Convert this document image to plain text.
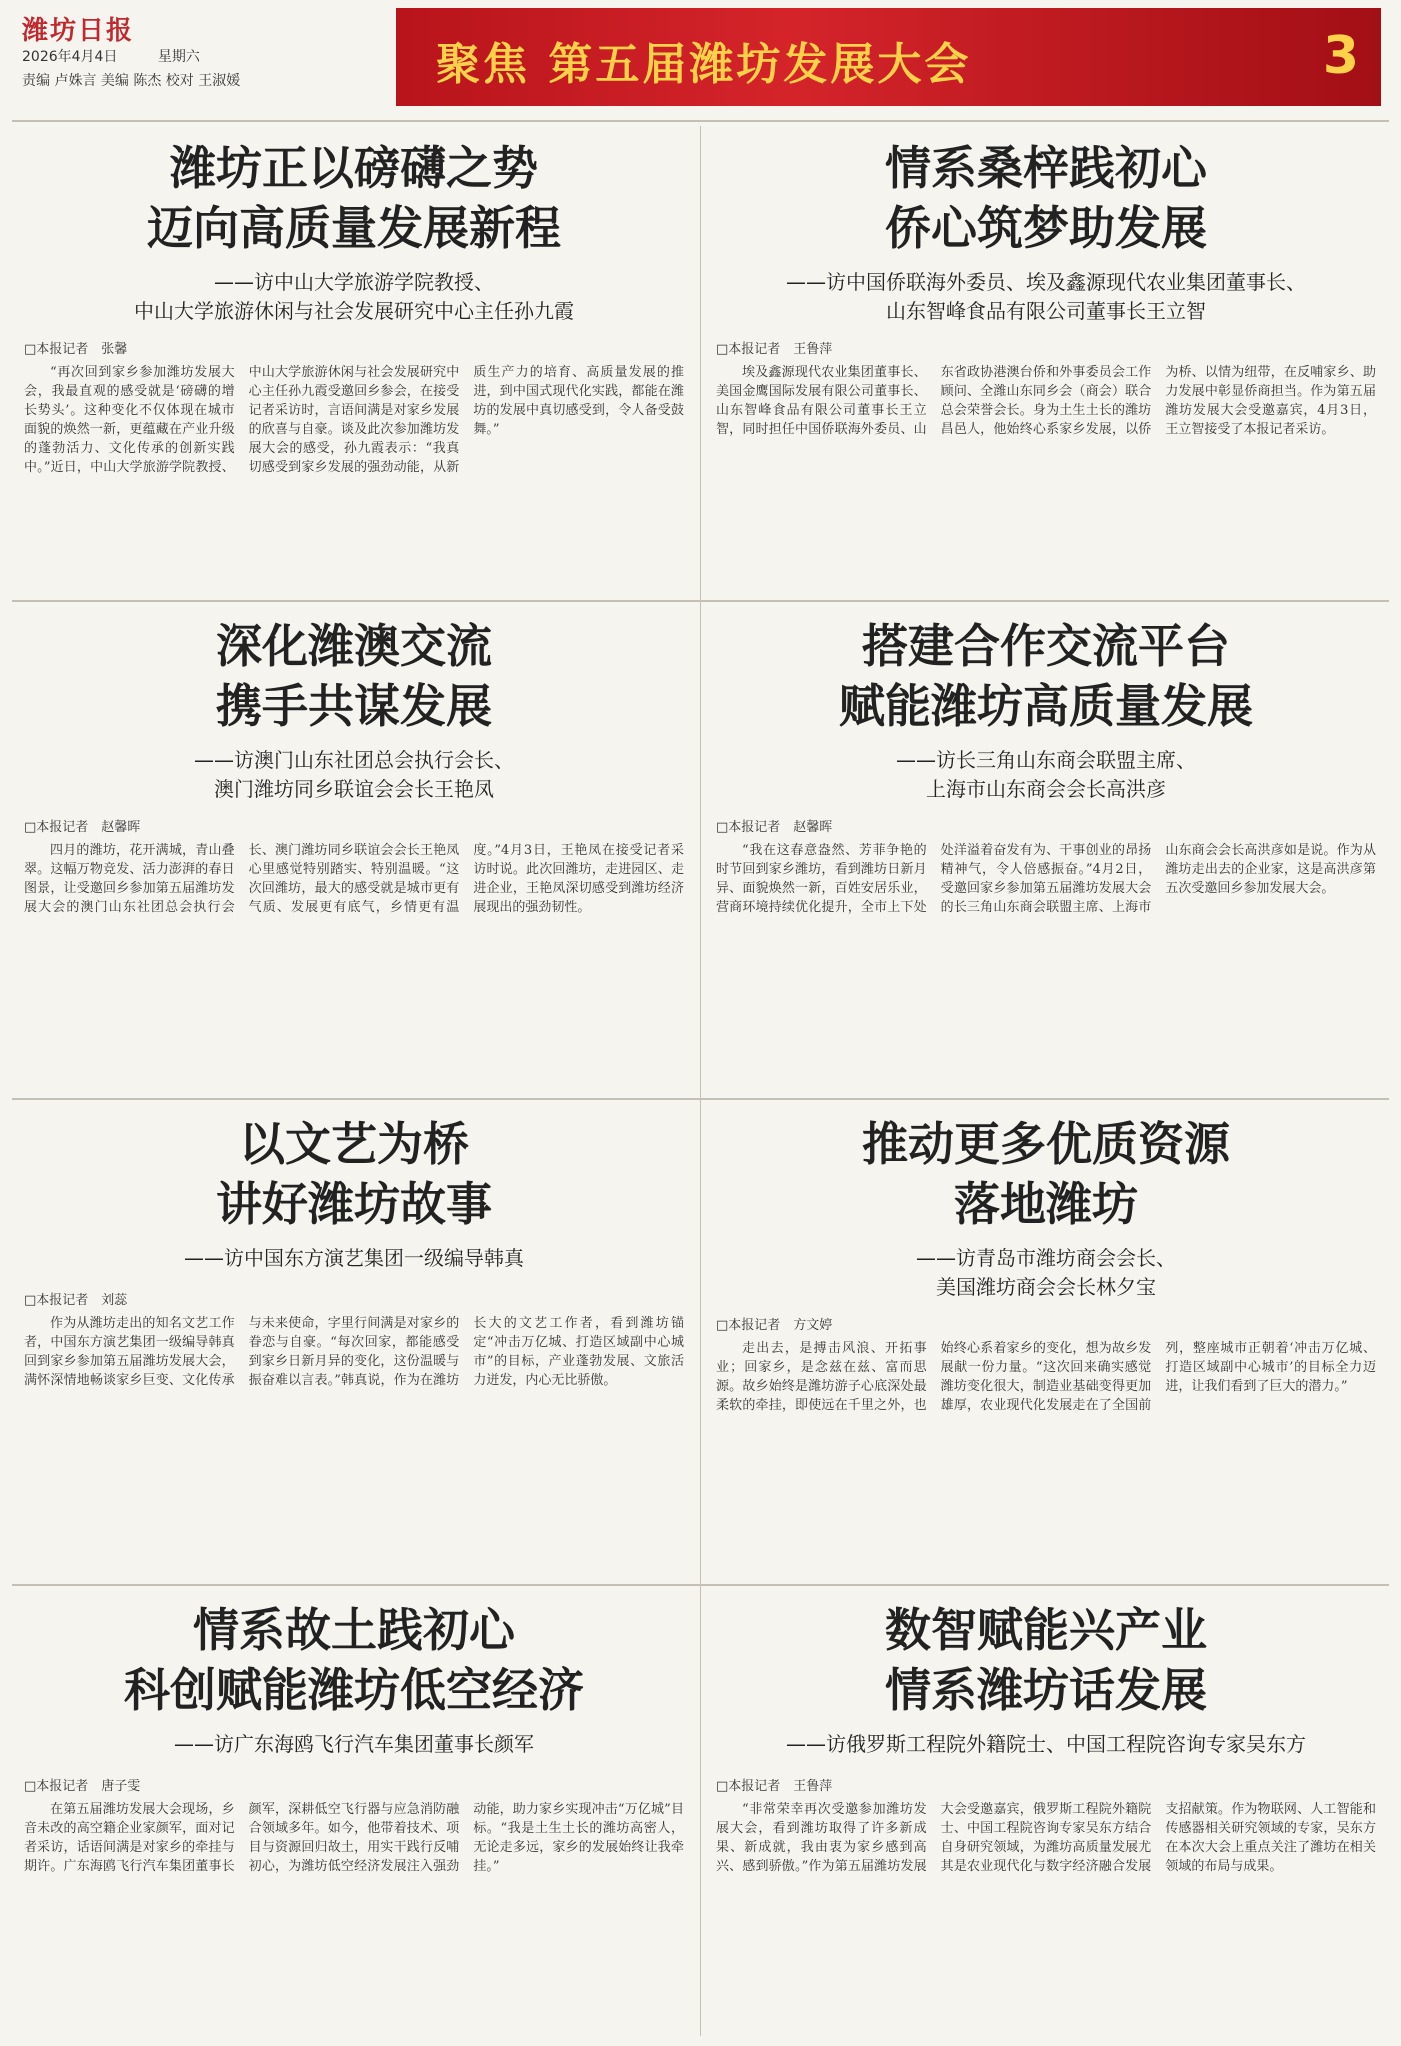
潍坊日报
2026年4月4日	星期六
责编 卢姝言 美编 陈杰 校对 王淑媛	聚焦 第五届潍坊发展大会	3
潍坊正以磅礴之势
迈向高质量发展新程
——访中山大学旅游学院教授、
中山大学旅游休闲与社会发展研究中心主任孙九霞
□本报记者　张馨
“再次回到家乡参加潍坊发展大会，我最直观的感受就是‘磅礴的增长势头’。这种变化不仅体现在城市面貌的焕然一新，更蕴藏在产业升级的蓬勃活力、文化传承的创新实践中。”近日，中山大学旅游学院教授、中山大学旅游休闲与社会发展研究中心主任孙九霞受邀回乡参会，在接受记者采访时，言语间满是对家乡发展的欣喜与自豪。谈及此次参加潍坊发展大会的感受，孙九霞表示：“我真切感受到家乡发展的强劲动能，从新质生产力的培育、高质量发展的推进，到中国式现代化实践，都能在潍坊的发展中真切感受到，令人备受鼓舞。”
情系桑梓践初心
侨心筑梦助发展
——访中国侨联海外委员、埃及鑫源现代农业集团董事长、
山东智峰食品有限公司董事长王立智
□本报记者　王鲁萍
埃及鑫源现代农业集团董事长、美国金鹰国际发展有限公司董事长、山东智峰食品有限公司董事长王立智，同时担任中国侨联海外委员、山东省政协港澳台侨和外事委员会工作顾问、全潍山东同乡会（商会）联合总会荣誉会长。身为土生土长的潍坊昌邑人，他始终心系家乡发展，以侨为桥、以情为纽带，在反哺家乡、助力发展中彰显侨商担当。作为第五届潍坊发展大会受邀嘉宾，4月3日，王立智接受了本报记者采访。
深化潍澳交流
携手共谋发展
——访澳门山东社团总会执行会长、
澳门潍坊同乡联谊会会长王艳凤
□本报记者　赵馨晖
四月的潍坊，花开满城，青山叠翠。这幅万物竞发、活力澎湃的春日图景，让受邀回乡参加第五届潍坊发展大会的澳门山东社团总会执行会长、澳门潍坊同乡联谊会会长王艳凤心里感觉特别踏实、特别温暖。“这次回潍坊，最大的感受就是城市更有气质、发展更有底气，乡情更有温度。”4月3日，王艳凤在接受记者采访时说。此次回潍坊，走进园区、走进企业，王艳凤深切感受到潍坊经济展现出的强劲韧性。
搭建合作交流平台
赋能潍坊高质量发展
——访长三角山东商会联盟主席、
上海市山东商会会长高洪彦
□本报记者　赵馨晖
“我在这春意盎然、芳菲争艳的时节回到家乡潍坊，看到潍坊日新月异、面貌焕然一新，百姓安居乐业，营商环境持续优化提升，全市上下处处洋溢着奋发有为、干事创业的昂扬精神气，令人倍感振奋。”4月2日，受邀回家乡参加第五届潍坊发展大会的长三角山东商会联盟主席、上海市山东商会会长高洪彦如是说。作为从潍坊走出去的企业家，这是高洪彦第五次受邀回乡参加发展大会。
以文艺为桥
讲好潍坊故事
——访中国东方演艺集团一级编导韩真
□本报记者　刘蕊
作为从潍坊走出的知名文艺工作者，中国东方演艺集团一级编导韩真回到家乡参加第五届潍坊发展大会，满怀深情地畅谈家乡巨变、文化传承与未来使命，字里行间满是对家乡的眷恋与自豪。“每次回家，都能感受到家乡日新月异的变化，这份温暖与振奋难以言表。”韩真说，作为在潍坊长大的文艺工作者，看到潍坊锚定“冲击万亿城、打造区域副中心城市”的目标，产业蓬勃发展、文旅活力迸发，内心无比骄傲。
推动更多优质资源
落地潍坊
——访青岛市潍坊商会会长、
美国潍坊商会会长林夕宝
□本报记者　方文婷
走出去，是搏击风浪、开拓事业；回家乡，是念兹在兹、富而思源。故乡始终是潍坊游子心底深处最柔软的牵挂，即使远在千里之外，也始终心系着家乡的变化，想为故乡发展献一份力量。“这次回来确实感觉潍坊变化很大，制造业基础变得更加雄厚，农业现代化发展走在了全国前列，整座城市正朝着‘冲击万亿城、打造区域副中心城市’的目标全力迈进，让我们看到了巨大的潜力。”
情系故土践初心
科创赋能潍坊低空经济
——访广东海鸥飞行汽车集团董事长颜军
□本报记者　唐子雯
在第五届潍坊发展大会现场，乡音未改的高空籍企业家颜军，面对记者采访，话语间满是对家乡的牵挂与期许。广东海鸥飞行汽车集团董事长颜军，深耕低空飞行器与应急消防融合领域多年。如今，他带着技术、项目与资源回归故土，用实干践行反哺初心，为潍坊低空经济发展注入强劲动能，助力家乡实现冲击“万亿城”目标。“我是土生土长的潍坊高密人，无论走多远，家乡的发展始终让我牵挂。”
数智赋能兴产业
情系潍坊话发展
——访俄罗斯工程院外籍院士、中国工程院咨询专家吴东方
□本报记者　王鲁萍
“非常荣幸再次受邀参加潍坊发展大会，看到潍坊取得了许多新成果、新成就，我由衷为家乡感到高兴、感到骄傲。”作为第五届潍坊发展大会受邀嘉宾，俄罗斯工程院外籍院士、中国工程院咨询专家吴东方结合自身研究领域，为潍坊高质量发展尤其是农业现代化与数字经济融合发展支招献策。作为物联网、人工智能和传感器相关研究领域的专家，吴东方在本次大会上重点关注了潍坊在相关领域的布局与成果。
